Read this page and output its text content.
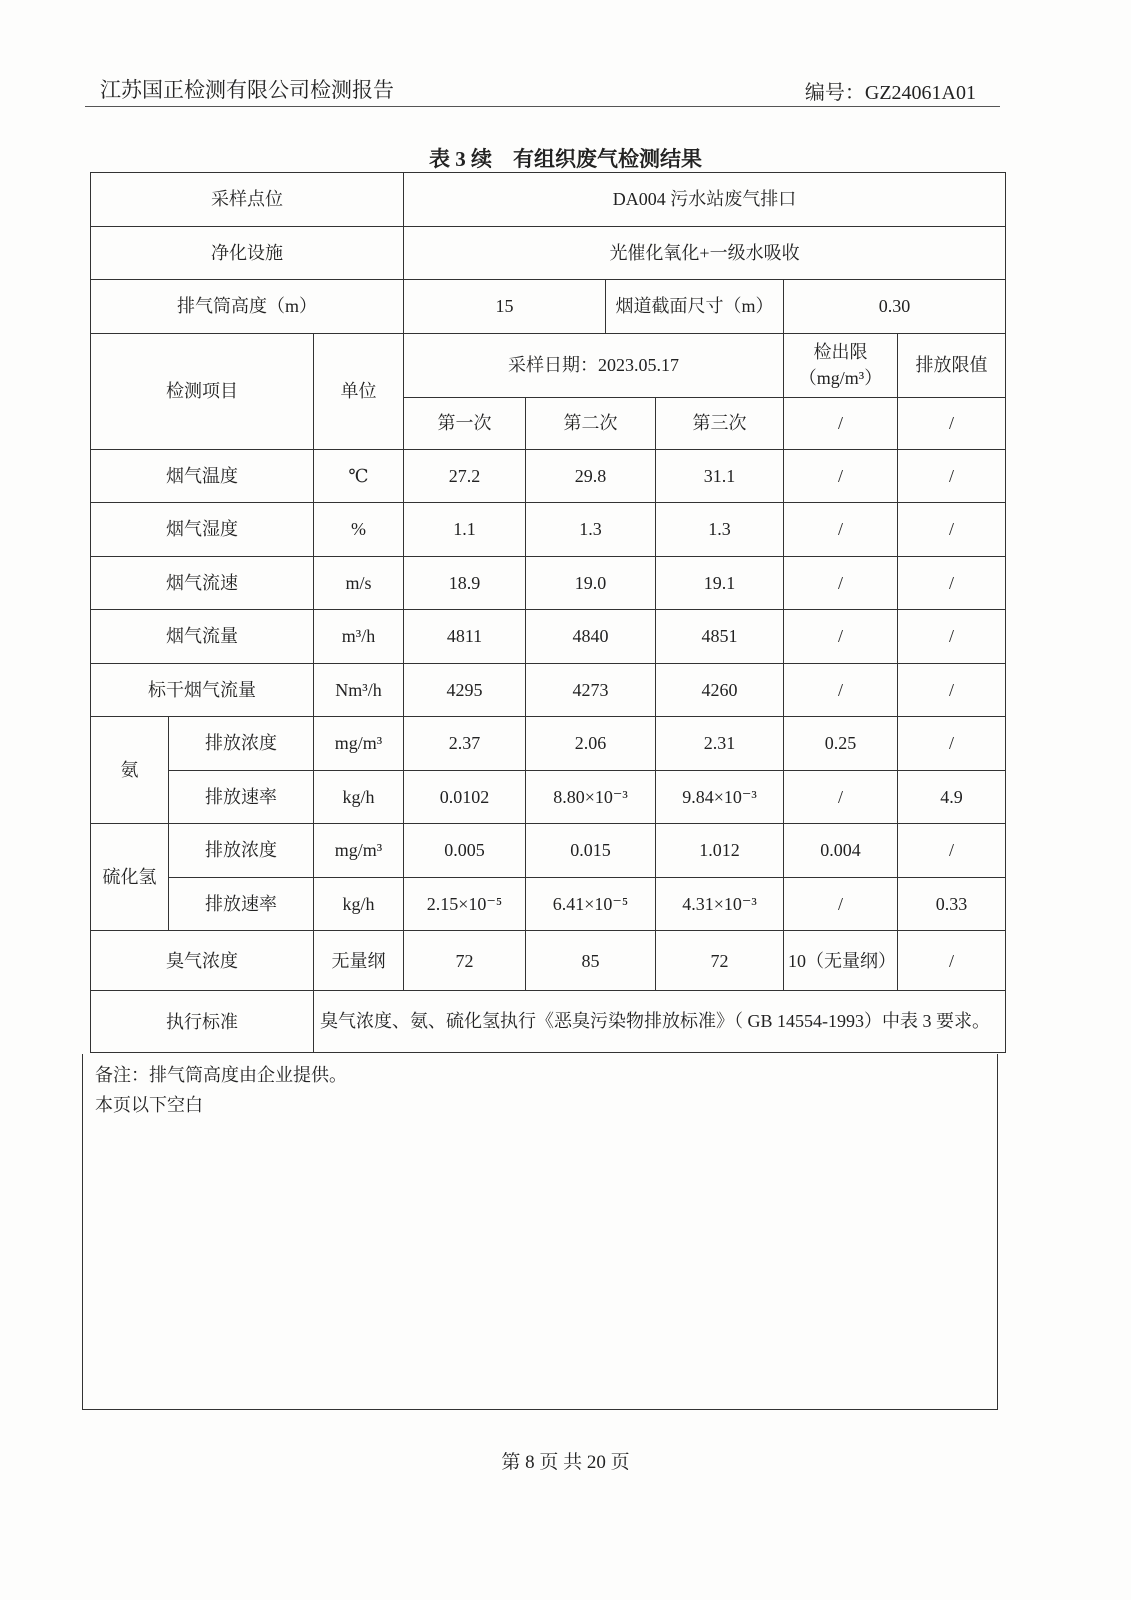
江苏国正检测有限公司检测报告	编号：GZ24061A01
表 3 续　有组织废气检测结果
采样点位			DA004 污水站废气排口					
净化设施			光催化氧化+一级水吸收					
排气筒高度（m）			15		烟道截面尺寸（m）		0.30	
检测项目		单位	采样日期：2023.05.17				检出限（mg/m³）	排放限值
			第一次	第二次		第三次	/	/
烟气温度		℃	27.2	29.8		31.1	/	/
烟气湿度		%	1.1	1.3		1.3	/	/
烟气流速		m/s	18.9	19.0		19.1	/	/
烟气流量		m³/h	4811	4840		4851	/	/
标干烟气流量		Nm³/h	4295	4273		4260	/	/
氨	排放浓度	mg/m³	2.37	2.06		2.31	0.25	/
	排放速率	kg/h	0.0102	8.80×10⁻³		9.84×10⁻³	/	4.9
硫化氢	排放浓度	mg/m³	0.005	0.015		1.012	0.004	/
	排放速率	kg/h	2.15×10⁻⁵	6.41×10⁻⁵		4.31×10⁻³	/	0.33
臭气浓度		无量纲	72	85		72	10（无量纲）	/
执行标准		臭气浓度、氨、硫化氢执行《恶臭污染物排放标准》（ GB 14554-1993）中表 3 要求。						
备注：排气筒高度由企业提供。
本页以下空白
第 8 页 共 20 页
